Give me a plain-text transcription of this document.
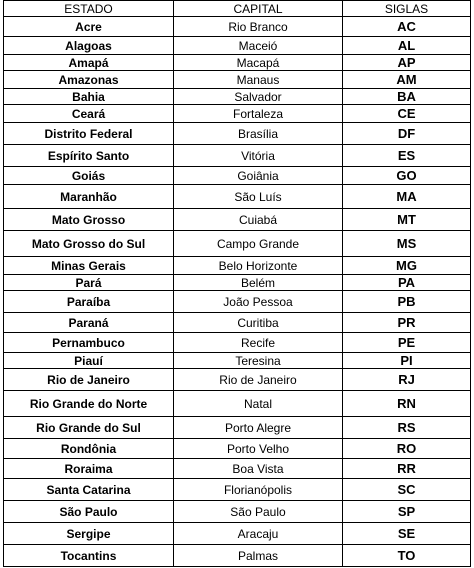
ESTADO	CAPITAL	SIGLAS
Acre	Rio Branco	AC
Alagoas	Maceió	AL
Amapá	Macapá	AP
Amazonas	Manaus	AM
Bahia	Salvador	BA
Ceará	Fortaleza	CE
Distrito Federal	Brasília	DF
Espírito Santo	Vitória	ES
Goiás	Goiânia	GO
Maranhão	São Luís	MA
Mato Grosso	Cuiabá	MT
Mato Grosso do Sul	Campo Grande	MS
Minas Gerais	Belo Horizonte	MG
Pará	Belém	PA
Paraíba	João Pessoa	PB
Paraná	Curitiba	PR
Pernambuco	Recife	PE
Piauí	Teresina	PI
Rio de Janeiro	Rio de Janeiro	RJ
Rio Grande do Norte	Natal	RN
Rio Grande do Sul	Porto Alegre	RS
Rondônia	Porto Velho	RO
Roraima	Boa Vista	RR
Santa Catarina	Florianópolis	SC
São Paulo	São Paulo	SP
Sergipe	Aracaju	SE
Tocantins	Palmas	TO
